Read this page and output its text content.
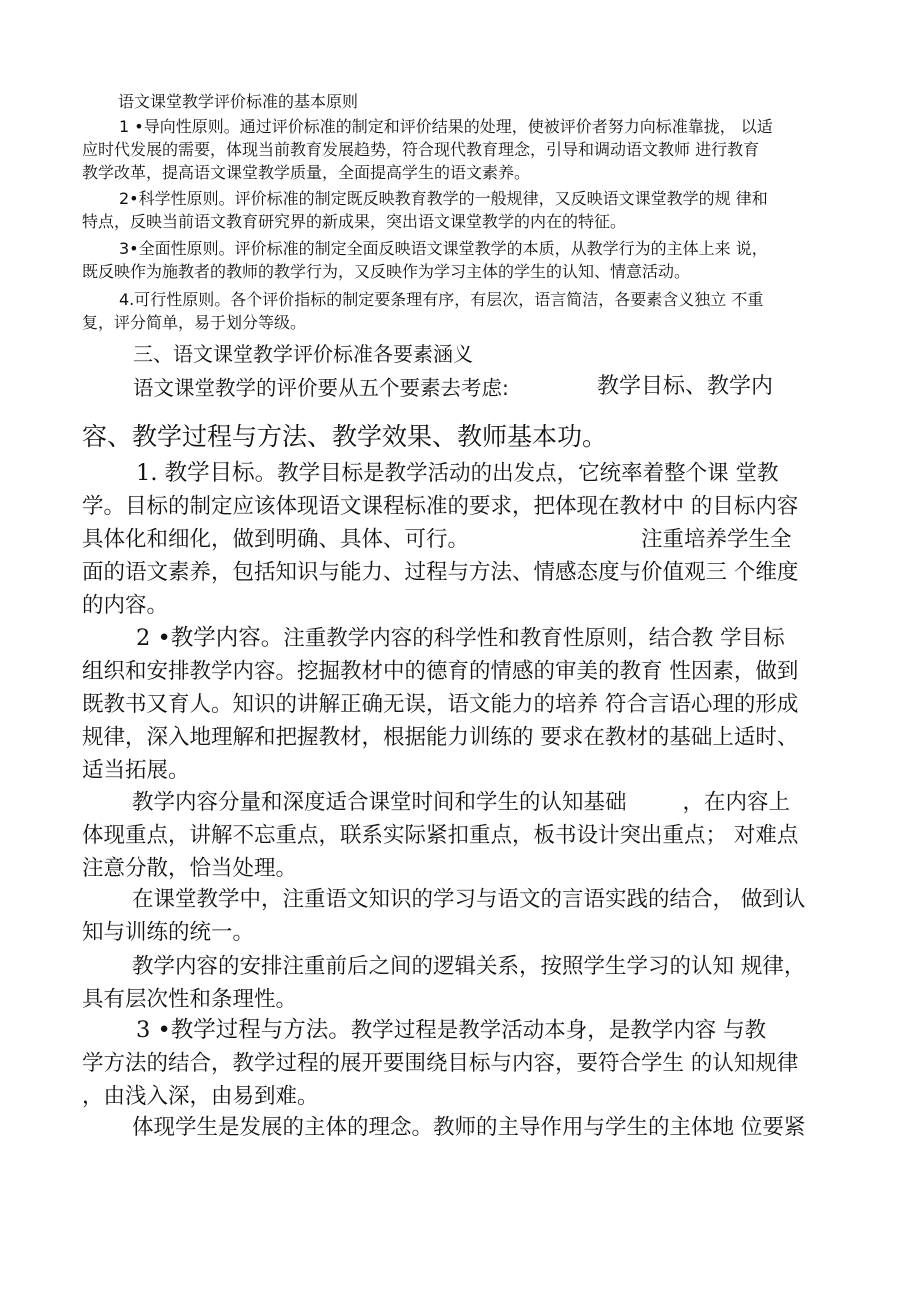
语文课堂教学评价标准的基本原则
1 •导向性原则。通过评价标准的制定和评价结果的处理，使被评价者努力向标准靠拢， 以适
应时代发展的需要，体现当前教育发展趋势，符合现代教育理念，引导和调动语文教师 进行教育
教学改革，提高语文课堂教学质量，全面提高学生的语文素养。
2•科学性原则。评价标准的制定既反映教育教学的一般规律，又反映语文课堂教学的规 律和
特点，反映当前语文教育研究界的新成果，突出语文课堂教学的内在的特征。
3•全面性原则。评价标准的制定全面反映语文课堂教学的本质，从教学行为的主体上来 说，
既反映作为施教者的教师的教学行为，又反映作为学习主体的学生的认知、情意活动。
4.可行性原则。各个评价指标的制定要条理有序，有层次，语言简洁，各要素含义独立 不重
复，评分简单，易于划分等级。
三、语文课堂教学评价标准各要素涵义
语文课堂教学的评价要从五个要素去考虑:	教学目标、教学内
容、教学过程与方法、教学效果、教师基本功。
1. 教学目标。教学目标是教学活动的出发点，它统率着整个课 堂教
学。目标的制定应该体现语文课程标准的要求，把体现在教材中 的目标内容
具体化和细化，做到明确、具体、可行。
面的语文素养，包括知识与能力、过程与方法、情感态度与价值观三 个维度
的内容。
注重培养学生全
2 •教学内容。注重教学内容的科学性和教育性原则，结合教 学目标
组织和安排教学内容。挖掘教材中的德育的情感的审美的教育 性因素，做到
既教书又育人。知识的讲解正确无误，语文能力的培养 符合言语心理的形成
规律，深入地理解和把握教材，根据能力训练的 要求在教材的基础上适时、
适当拓展。
教学内容分量和深度适合课堂时间和学生的认知基础	，在内容上
体现重点，讲解不忘重点，联系实际紧扣重点，板书设计突出重点； 对难点
注意分散，恰当处理。
在课堂教学中，注重语文知识的学习与语文的言语实践的结合， 做到认
知与训练的统一。
教学内容的安排注重前后之间的逻辑关系，按照学生学习的认知 规律，
具有层次性和条理性。
3 •教学过程与方法。教学过程是教学活动本身，是教学内容 与教
学方法的结合，教学过程的展开要围绕目标与内容，要符合学生 的认知规律
，由浅入深，由易到难。
体现学生是发展的主体的理念。教师的主导作用与学生的主体地 位要紧
